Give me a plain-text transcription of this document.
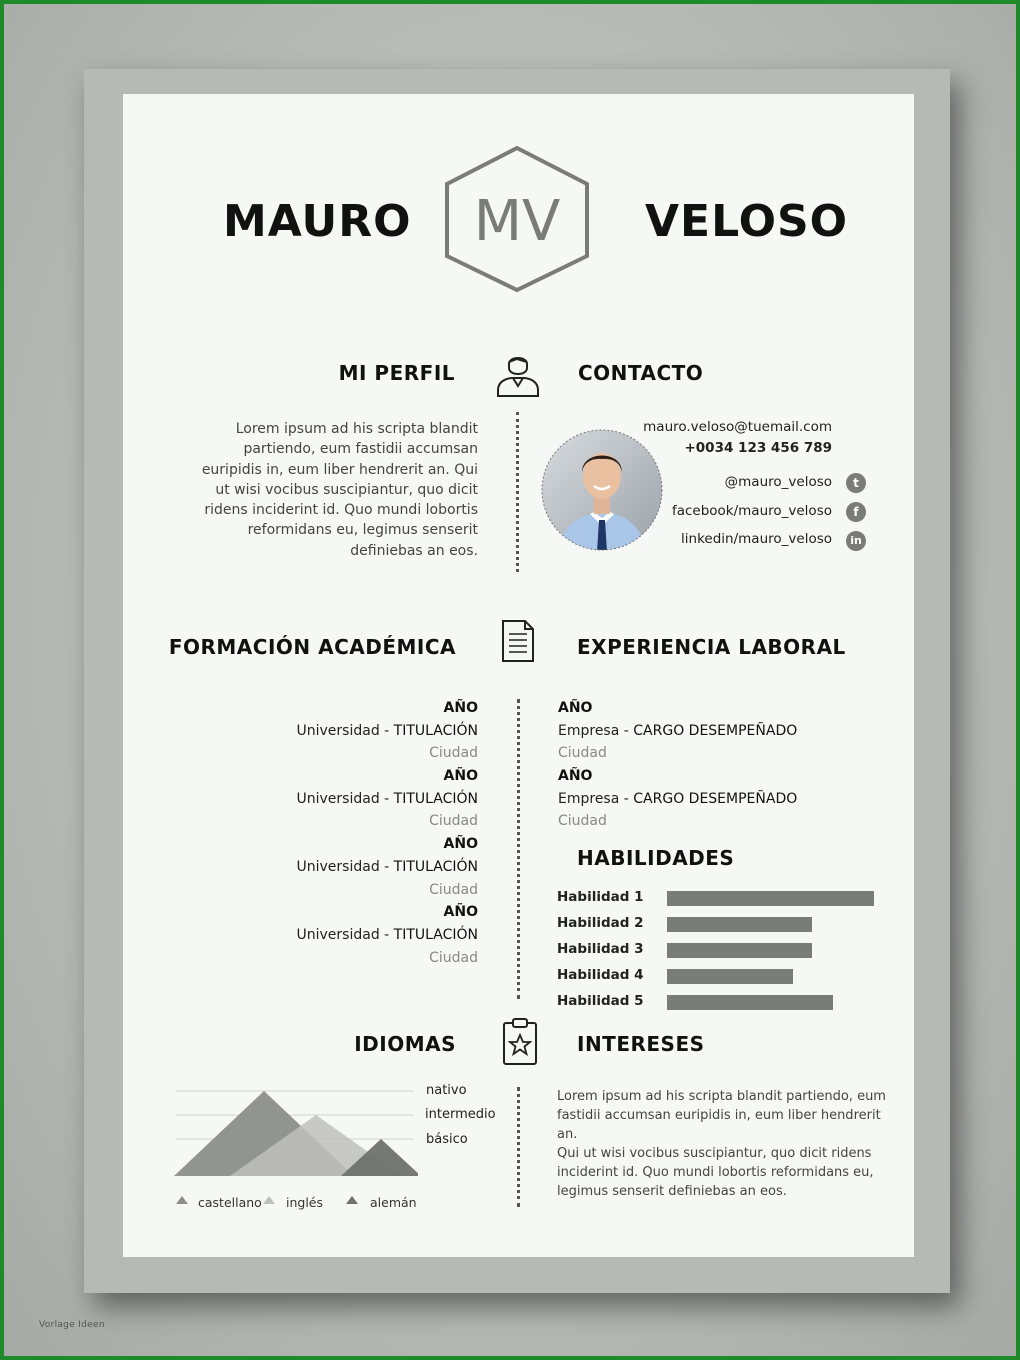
MAURO	VELOSO
MV
MI PERFIL	CONTACTO
Lorem ipsum ad his scripta blandit
partiendo, eum fastidii accumsan
euripidis in, eum liber hendrerit an. Qui
ut wisi vocibus suscipiantur, quo dicit
ridens inciderint id. Quo mundi lobortis
reformidans eu, legimus senserit
definiebas an eos.
mauro.veloso@tuemail.com
+0034 123 456 789
@mauro_veloso
facebook/mauro_veloso
linkedin/mauro_veloso
t
f
in
FORMACIÓN ACADÉMICA	EXPERIENCIA LABORAL
AÑO
Universidad - TITULACIÓN
Ciudad
AÑO
Universidad - TITULACIÓN
Ciudad
AÑO
Universidad - TITULACIÓN
Ciudad
AÑO
Universidad - TITULACIÓN
Ciudad
AÑO
Empresa - CARGO DESEMPEÑADO
Ciudad
AÑO
Empresa - CARGO DESEMPEÑADO
Ciudad
HABILIDADES
Habilidad 1
Habilidad 2
Habilidad 3
Habilidad 4
Habilidad 5
IDIOMAS	INTERESES
nativo
intermedio
básico
castellano inglés	alemán
Lorem ipsum ad his scripta blandit partiendo, eum
fastidii accumsan euripidis in, eum liber hendrerit an.
Qui ut wisi vocibus suscipiantur, quo dicit ridens
inciderint id. Quo mundi lobortis reformidans eu,
legimus senserit definiebas an eos.
Vorlage Ideen
